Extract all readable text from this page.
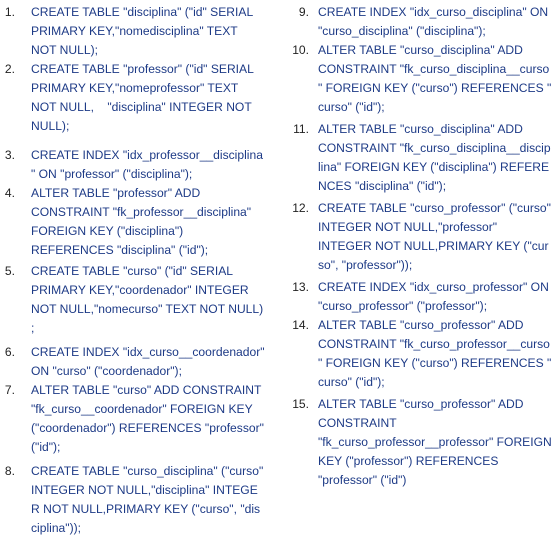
1. CREATE TABLE "disciplina" ("id" SERIAL
PRIMARY KEY,"nomedisciplina" TEXT
NOT NULL);
2. CREATE TABLE "professor" ("id" SERIAL
PRIMARY KEY,"nomeprofessor" TEXT
NOT NULL,    "disciplina" INTEGER NOT
NULL);
3. CREATE INDEX "idx_professor__disciplina
" ON "professor" ("disciplina");
4. ALTER TABLE "professor" ADD
CONSTRAINT "fk_professor__disciplina"
FOREIGN KEY ("disciplina")
REFERENCES "disciplina" ("id");
5. CREATE TABLE "curso" ("id" SERIAL
PRIMARY KEY,"coordenador" INTEGER
NOT NULL,"nomecurso" TEXT NOT NULL)
;
6. CREATE INDEX "idx_curso__coordenador"
ON "curso" ("coordenador");
7. ALTER TABLE "curso" ADD CONSTRAINT
"fk_curso__coordenador" FOREIGN KEY
("coordenador") REFERENCES "professor"
("id");
8. CREATE TABLE "curso_disciplina" ("curso"
INTEGER NOT NULL,"disciplina" INTEGE
R NOT NULL,PRIMARY KEY ("curso", "dis
ciplina"));
9. CREATE INDEX "idx_curso_disciplina" ON
"curso_disciplina" ("disciplina");
10. ALTER TABLE "curso_disciplina" ADD
CONSTRAINT "fk_curso_disciplina__curso
" FOREIGN KEY ("curso") REFERENCES "
curso" ("id");
11. ALTER TABLE "curso_disciplina" ADD
CONSTRAINT "fk_curso_disciplina__discip
lina" FOREIGN KEY ("disciplina") REFERE
NCES "disciplina" ("id");
12. CREATE TABLE "curso_professor" ("curso"
INTEGER NOT NULL,"professor"
INTEGER NOT NULL,PRIMARY KEY ("cur
so", "professor"));
13. CREATE INDEX "idx_curso_professor" ON
"curso_professor" ("professor");
14. ALTER TABLE "curso_professor" ADD
CONSTRAINT "fk_curso_professor__curso
" FOREIGN KEY ("curso") REFERENCES "
curso" ("id");
15. ALTER TABLE "curso_professor" ADD
CONSTRAINT
"fk_curso_professor__professor" FOREIGN
KEY ("professor") REFERENCES
"professor" ("id")
